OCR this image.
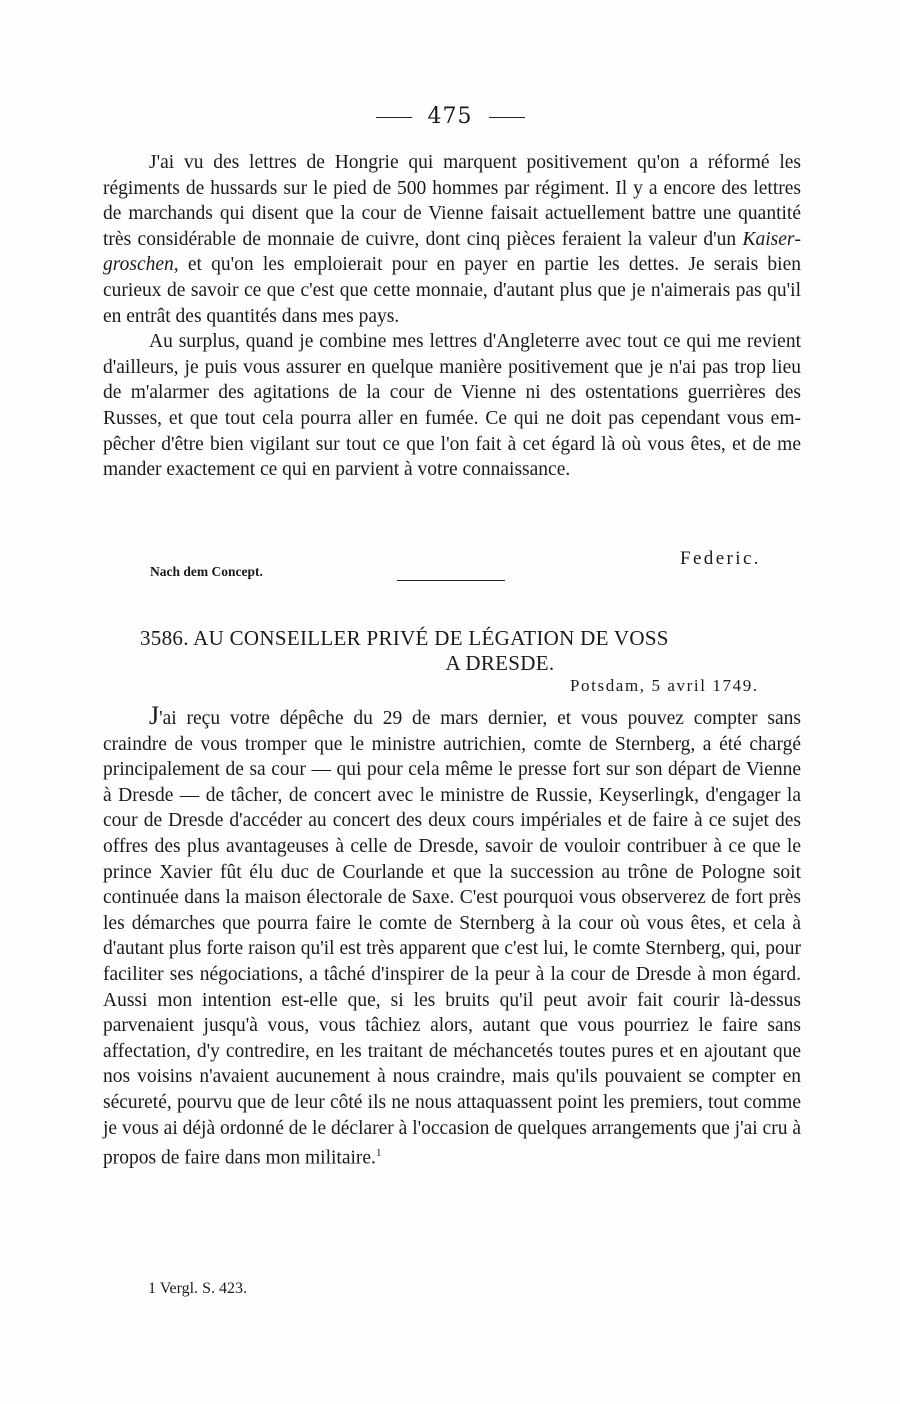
475

J'ai vu des lettres de Hongrie qui marquent positivement qu'on a réformé les régiments de hussards sur le pied de 500 hommes par régiment. Il y a encore des lettres de marchands qui disent que la cour de Vienne faisait actuellement battre une quantité très considérable de monnaie de cuivre, dont cinq pièces feraient la valeur d'un Kaisergroschen, et qu'on les emploierait pour en payer en partie les dettes. Je serais bien curieux de savoir ce que c'est que cette monnaie, d'autant plus que je n'aimerais pas qu'il en entrât des quantités dans mes pays.

Au surplus, quand je combine mes lettres d'Angleterre avec tout ce qui me revient d'ailleurs, je puis vous assurer en quelque manière positivement que je n'ai pas trop lieu de m'alarmer des agitations de la cour de Vienne ni des ostentations guerrières des Russes, et que tout cela pourra aller en fumée. Ce qui ne doit pas cependant vous empêcher d'être bien vigilant sur tout ce que l'on fait à cet égard là où vous êtes, et de me mander exactement ce qui en parvient à votre connaissance.

Federic.
Nach dem Concept.
3586. AU CONSEILLER PRIVÉ DE LÉGATION DE VOSS
A DRESDE.
Potsdam, 5 avril 1749.

J'ai reçu votre dépêche du 29 de mars dernier, et vous pouvez compter sans craindre de vous tromper que le ministre autrichien, comte de Sternberg, a été chargé principalement de sa cour — qui pour cela même le presse fort sur son départ de Vienne à Dresde — de tâcher, de concert avec le ministre de Russie, Keyserlingk, d'engager la cour de Dresde d'accéder au concert des deux cours impériales et de faire à ce sujet des offres des plus avantageuses à celle de Dresde, savoir de vouloir contribuer à ce que le prince Xavier fût élu duc de Courlande et que la succession au trône de Pologne soit continuée dans la maison électorale de Saxe. C'est pourquoi vous observerez de fort près les démarches que pourra faire le comte de Sternberg à la cour où vous êtes, et cela à d'autant plus forte raison qu'il est très apparent que c'est lui, le comte Sternberg, qui, pour faciliter ses négociations, a tâché d'inspirer de la peur à la cour de Dresde à mon égard. Aussi mon intention est-elle que, si les bruits qu'il peut avoir fait courir là-dessus parvenaient jusqu'à vous, vous tâchiez alors, autant que vous pourriez le faire sans affectation, d'y contredire, en les traitant de méchancetés toutes pures et en ajoutant que nos voisins n'avaient aucunement à nous craindre, mais qu'ils pouvaient se compter en sécureté, pourvu que de leur côté ils ne nous attaquassent point les premiers, tout comme je vous ai déjà ordonné de le déclarer à l'occasion de quelques arrangements que j'ai cru à propos de faire dans mon militaire.$^1$

1 Vergl. S. 423.
